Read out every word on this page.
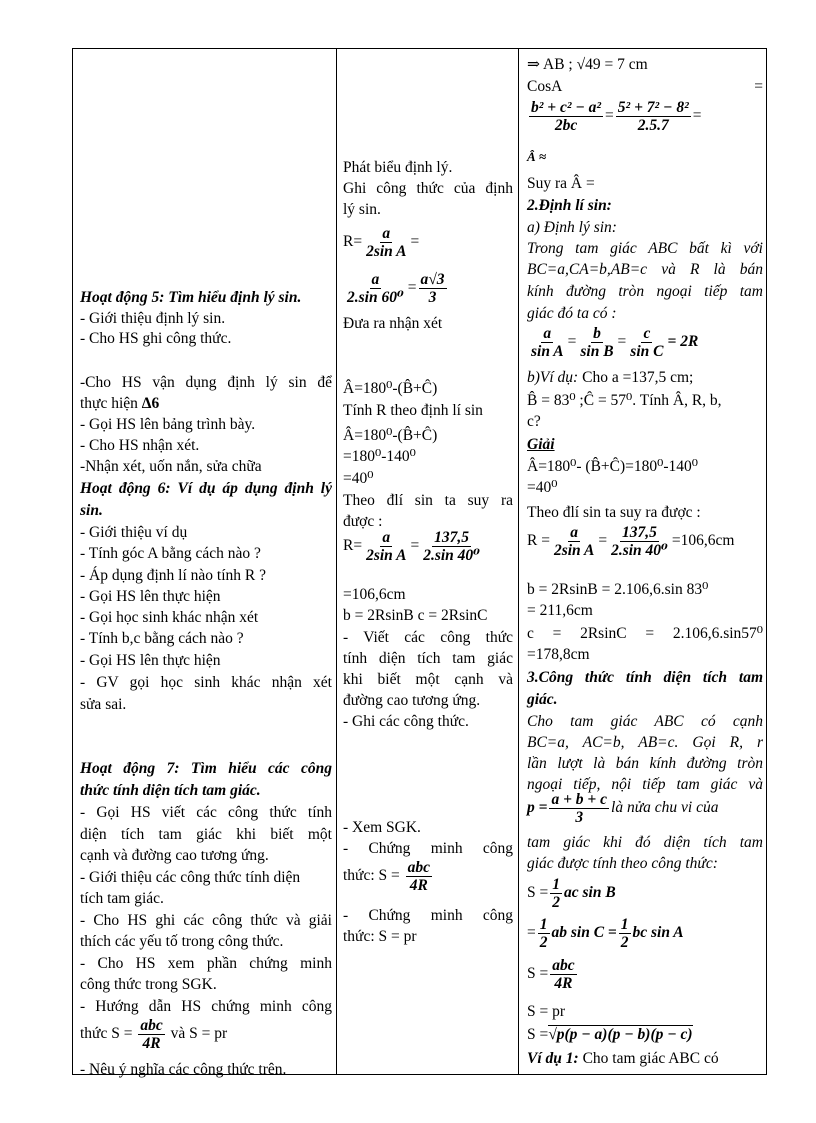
Hoạt động 5: Tìm hiểu định lý sin.
- Giới thiệu định lý sin.
- Cho HS ghi công thức.
-Cho HS vận dụng định lý sin để
thực hiện Δ6
- Gọi HS lên bảng trình bày.
- Cho HS nhận xét.
-Nhận xét, uốn nắn, sửa chữa
Hoạt động 6: Ví dụ áp dụng định lý
sin.
- Giới thiệu ví dụ
- Tính góc A bằng cách nào ?
- Áp dụng định lí nào tính R ?
- Gọi HS lên thực hiện
- Gọi học sinh khác nhận xét
- Tính b,c bằng cách nào ?
- Gọi HS lên thực hiện
- GV gọi học sinh khác nhận xét
sửa sai.
Hoạt động 7: Tìm hiểu các công
thức tính diện tích tam giác.
- Gọi HS viết các công thức tính
diện tích tam giác khi biết một
cạnh và đường cao tương ứng.
- Giới thiệu các công thức tính diện
tích tam giác.
- Cho HS ghi các công thức và giải
thích các yếu tố trong công thức.
- Cho HS xem phần chứng minh
công thức trong SGK.
- Hướng dẫn HS chứng minh công
thức $S = \frac{\text{abc}}{4R}$ và S = pr
- Nêu ý nghĩa các công thức trên.
Phát biểu định lý.
Ghi công thức của định
lý sin.
$R= \frac{a}{\text{2sin A}}$ =
$\frac{a}{\text{2.sin 60⁰}} = \frac{a√3}{3}$
Đưa ra nhận xét
Â=180⁰-(B̂+Ĉ)
Tính R theo định lí sin
Â=180⁰-(B̂+Ĉ)
=180⁰-140⁰
=40⁰
Theo đlí sin ta suy ra
được :
$R= \frac{a}{\text{2sin A}} = \frac{137,5}{\text{2.sin 40⁰}}$
=106,6cm
b = 2RsinB c = 2RsinC
- Viết các công thức
tính diện tích tam giác
khi biết một cạnh và
đường cao tương ứng.
- Ghi các công thức.
- Xem SGK.
- Chứng minh công
thức: $S = \frac{\text{abc}}{4R}$
- Chứng minh công
thức: S = pr
⇒ AB ; √49 = 7 cm
CosA	=
$\frac{\text{b² + c² − a²}}{2bc} = \frac{\text{5² + 7² − 8²}}{2.5.7}$ =
Â ≈
Suy ra Â =
2.Định lí sin:
a) Định lý sin:
Trong tam giác ABC bất kì với
BC=a,CA=b,AB=c và R là bán
kính đường tròn ngoại tiếp tam
giác đó ta có :
$\frac{a}{\text{sin A}} = \frac{b}{\text{sin B}} = \frac{c}{\text{sin C}} = 2R$
b)Ví dụ: Cho a =137,5 cm;
B̂ = 83⁰ ;Ĉ = 57⁰. Tính Â, R, b,
c?
Giải
Â=180⁰- (B̂+Ĉ)=180⁰-140⁰
=40⁰
Theo đlí sin ta suy ra được :
$R = \frac{a}{\text{2sin A}} = \frac{137,5}{\text{2.sin 40⁰}} =106,6cm$
b = 2RsinB = 2.106,6.sin 83⁰
= 211,6cm
c = 2RsinC = 2.106,6.sin57⁰
=178,8cm
3.Công thức tính diện tích tam
giác.
Cho tam giác ABC có cạnh
BC=a, AC=b, AB=c. Gọi R, r
lần lượt là bán kính đường tròn
ngoại tiếp, nội tiếp tam giác và
$p = \frac{a + b + c}{3}$ là nửa chu vi của
tam giác khi đó diện tích tam
giác được tính theo công thức:
$S = \frac{1}{2}$ ac sin B
= $\frac{1}{2}$ ab $\sin C = \frac{1}{2}$ bc sin A
$S = \frac{\text{abc}}{4R}$
S = pr
S =√p(p − a)(p − b)(p − c)
Ví dụ 1: Cho tam giác ABC có
